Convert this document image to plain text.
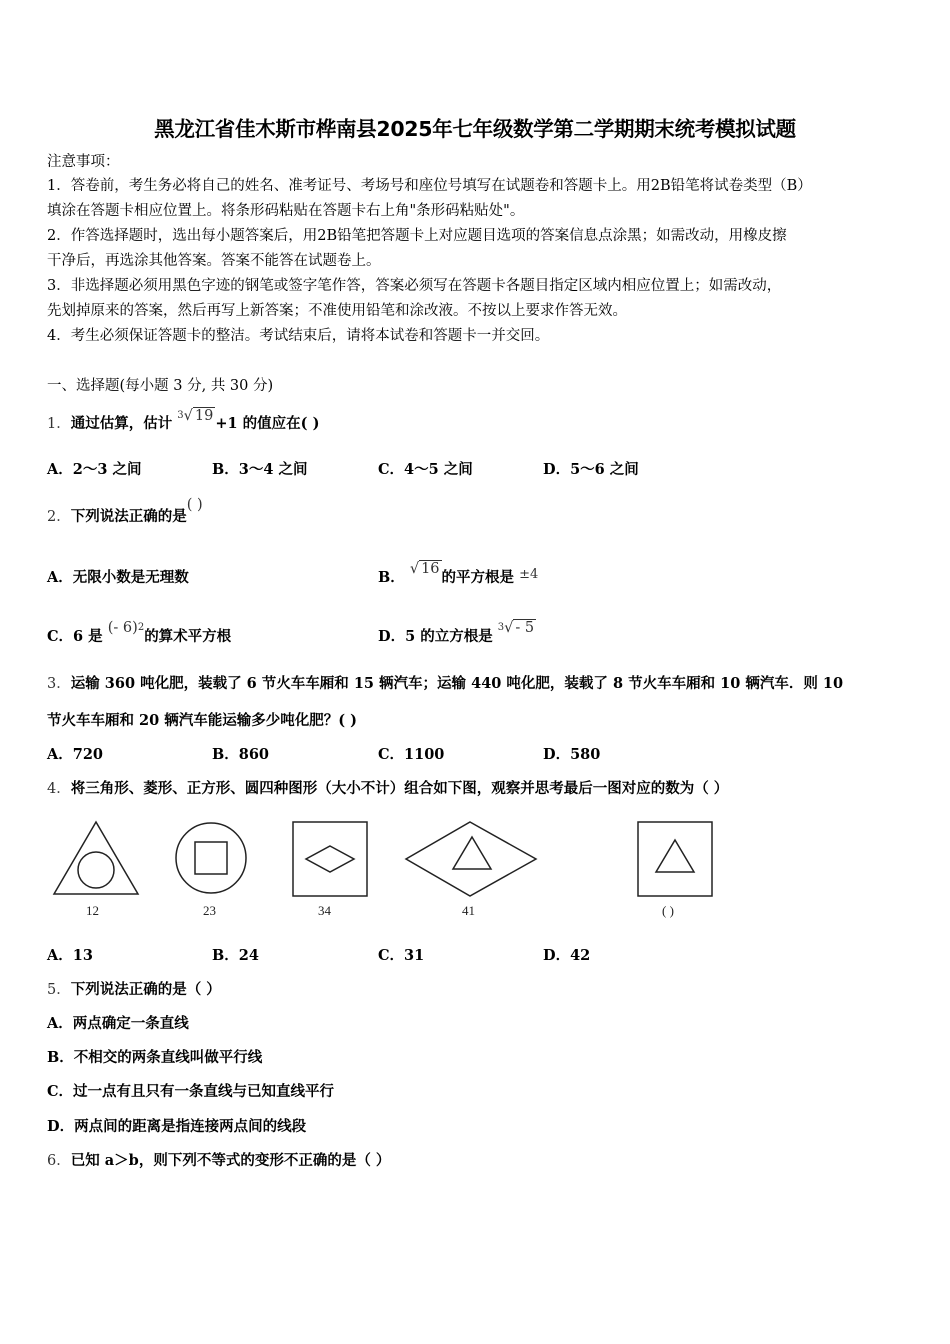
黑龙江省佳木斯市桦南县2025年七年级数学第二学期期末统考模拟试题
注意事项：
1．答卷前，考生务必将自己的姓名、准考证号、考场号和座位号填写在试题卷和答题卡上。用2B铅笔将试卷类型（B）
填涂在答题卡相应位置上。将条形码粘贴在答题卡右上角"条形码粘贴处"。
2．作答选择题时，选出每小题答案后，用2B铅笔把答题卡上对应题目选项的答案信息点涂黑；如需改动，用橡皮擦
干净后，再选涂其他答案。答案不能答在试题卷上。
3．非选择题必须用黑色字迹的钢笔或签字笔作答，答案必须写在答题卡各题目指定区域内相应位置上；如需改动，
先划掉原来的答案，然后再写上新答案；不准使用铅笔和涂改液。不按以上要求作答无效。
4．考生必须保证答题卡的整洁。考试结束后，请将本试卷和答题卡一并交回。
一、选择题(每小题 3 分, 共 30 分)
1．通过估算，估计 $^3$√ 19 +1 的值应在( )
A．2～3 之间	B．3～4 之间	C．4～5 之间	D．5～6 之间
2．下列说法正确的是( )
A．无限小数是无理数	B． √ 16 的平方根是 ±4
C．6 是 (- 6)$^2$的算术平方根	D．5 的立方根是 $^3$√ - 5
3．运输 360 吨化肥，装载了 6 节火车车厢和 15 辆汽车；运输 440 吨化肥，装载了 8 节火车车厢和 10 辆汽车．则 10
节火车车厢和 20 辆汽车能运输多少吨化肥？( )
A．720	B．860	C．1100	D．580
4．将三角形、菱形、正方形、圆四种图形（大小不计）组合如下图，观察并思考最后一图对应的数为（ ）
12	23	34	41	( )
A．13	B．24	C．31	D．42
5．下列说法正确的是（ ）
A．两点确定一条直线
B．不相交的两条直线叫做平行线
C．过一点有且只有一条直线与已知直线平行
D．两点间的距离是指连接两点间的线段
6．已知 a＞b，则下列不等式的变形不正确的是（ ）
